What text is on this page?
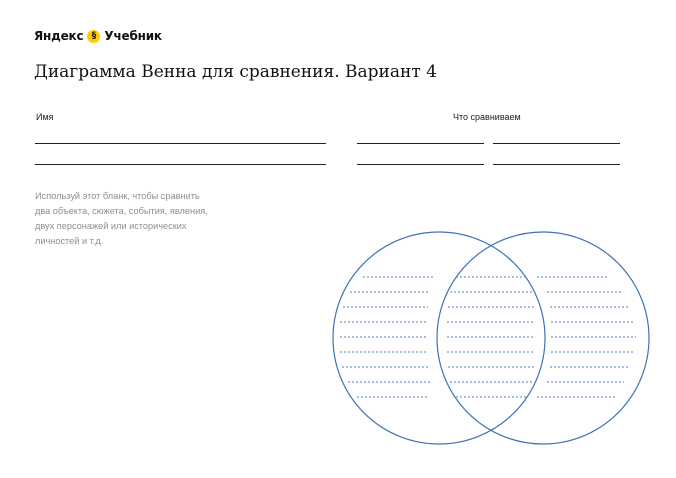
Яндекс § Учебник
Диаграмма Венна для сравнения. Вариант 4
Имя	Что сравниваем

Используй этот бланк, чтобы сравнить два объекта, сюжета, события, явления, двух персонажей или исторических личностей и т.д.
